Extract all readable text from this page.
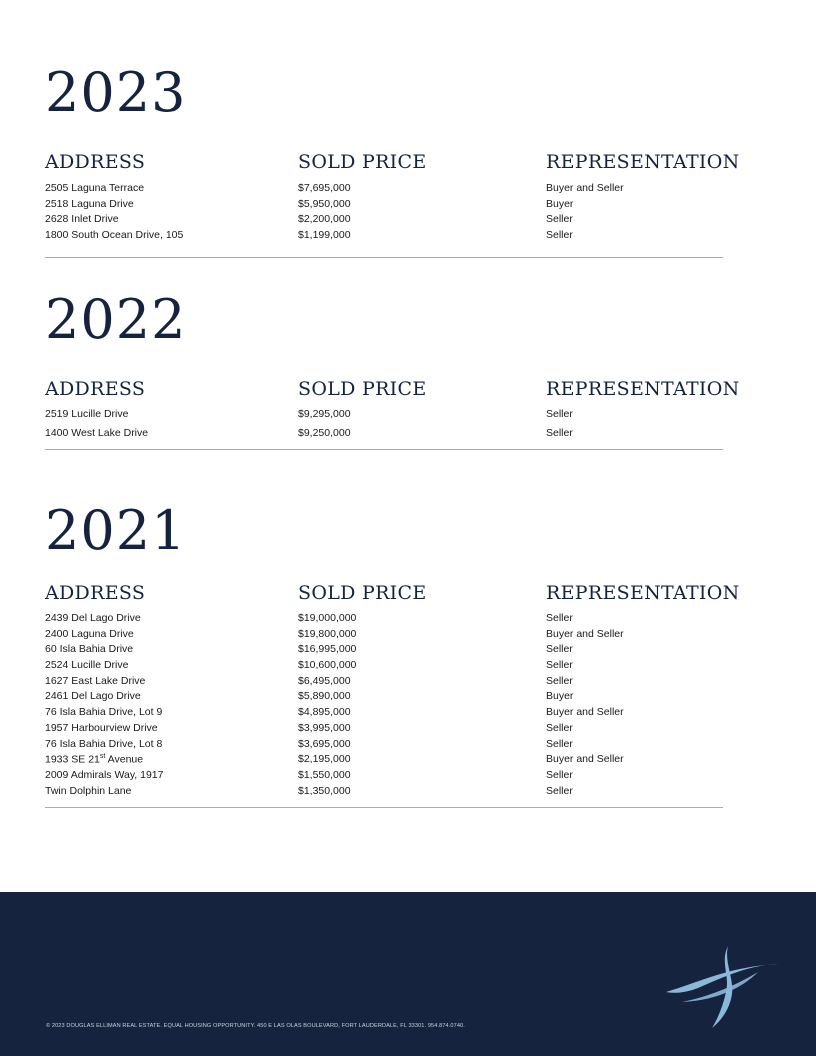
2023
ADDRESS	SOLD PRICE	REPRESENTATION
2505 Laguna Terrace	$7,695,000	Buyer and Seller
2518 Laguna Drive	$5,950,000	Buyer
2628 Inlet Drive	$2,200,000	Seller
1800 South Ocean Drive, 105	$1,199,000	Seller
2022
ADDRESS	SOLD PRICE	REPRESENTATION
2519 Lucille Drive	$9,295,000	Seller
1400 West Lake Drive	$9,250,000	Seller
2021
ADDRESS	SOLD PRICE	REPRESENTATION
2439 Del Lago Drive	$19,000,000	Seller
2400 Laguna Drive	$19,800,000	Buyer and Seller
60 Isla Bahia Drive	$16,995,000	Seller
2524 Lucille Drive	$10,600,000	Seller
1627 East Lake Drive	$6,495,000	Seller
2461 Del Lago Drive	$5,890,000	Buyer
76 Isla Bahia Drive, Lot 9	$4,895,000	Buyer and Seller
1957 Harbourview Drive	$3,995,000	Seller
76 Isla Bahia Drive, Lot 8	$3,695,000	Seller
1933 SE 21st Avenue	$2,195,000	Buyer and Seller
2009 Admirals Way, 1917	$1,550,000	Seller
Twin Dolphin Lane	$1,350,000	Seller
© 2023 DOUGLAS ELLIMAN REAL ESTATE. EQUAL HOUSING OPPORTUNITY. 450 E LAS OLAS BOULEVARD, FORT LAUDERDALE, FL 33301. 954.874.0740.
